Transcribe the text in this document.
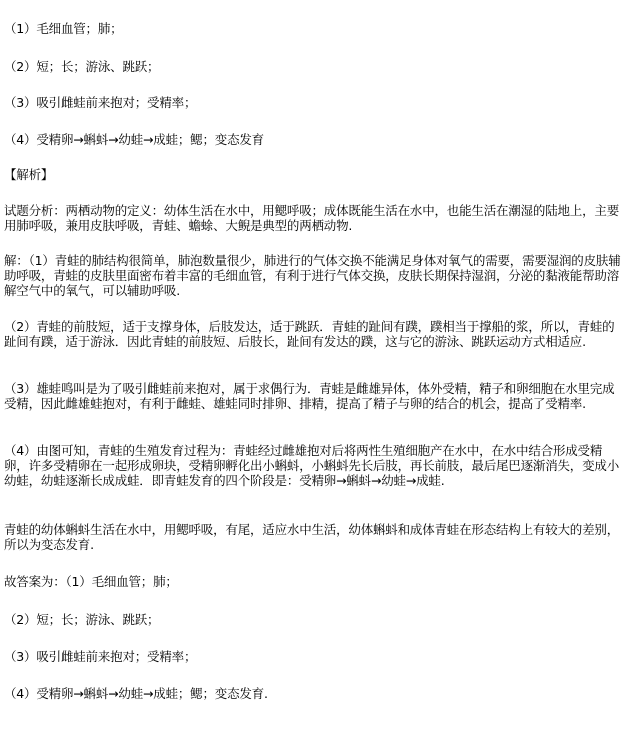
（1）毛细血管；肺；
（2）短；长；游泳、跳跃；
（3）吸引雌蛙前来抱对；受精率；
（4）受精卵→蝌蚪→幼蛙→成蛙；鳃；变态发育
【解析】
试题分析：两栖动物的定义：幼体生活在水中，用鳃呼吸；成体既能生活在水中，也能生活在潮湿的陆地上，主要用肺呼吸，兼用皮肤呼吸，青蛙、蟾蜍、大鲵是典型的两栖动物.
解：（1）青蛙的肺结构很简单，肺泡数量很少，肺进行的气体交换不能满足身体对氧气的需要，需要湿润的皮肤辅助呼吸，青蛙的皮肤里面密布着丰富的毛细血管，有利于进行气体交换，皮肤长期保持湿润，分泌的黏液能帮助溶解空气中的氧气，可以辅助呼吸.
（2）青蛙的前肢短，适于支撑身体，后肢发达，适于跳跃．青蛙的趾间有蹼，蹼相当于撑船的浆，所以，青蛙的趾间有蹼，适于游泳．因此青蛙的前肢短、后肢长，趾间有发达的蹼，这与它的游泳、跳跃运动方式相适应.
（3）雄蛙鸣叫是为了吸引雌蛙前来抱对，属于求偶行为．青蛙是雌雄异体，体外受精，精子和卵细胞在水里完成受精，因此雌雄蛙抱对，有利于雌蛙、雄蛙同时排卵、排精，提高了精子与卵的结合的机会，提高了受精率.
（4）由图可知，青蛙的生殖发育过程为：青蛙经过雌雄抱对后将两性生殖细胞产在水中，在水中结合形成受精卵，许多受精卵在一起形成卵块，受精卵孵化出小蝌蚪，小蝌蚪先长后肢，再长前肢，最后尾巴逐渐消失，变成小幼蛙，幼蛙逐渐长成成蛙．即青蛙发育的四个阶段是：受精卵→蝌蚪→幼蛙→成蛙.
青蛙的幼体蝌蚪生活在水中，用鳃呼吸，有尾，适应水中生活，幼体蝌蚪和成体青蛙在形态结构上有较大的差别，所以为变态发育.
故答案为：（1）毛细血管；肺；
（2）短；长；游泳、跳跃；
（3）吸引雌蛙前来抱对；受精率；
（4）受精卵→蝌蚪→幼蛙→成蛙；鳃；变态发育.
